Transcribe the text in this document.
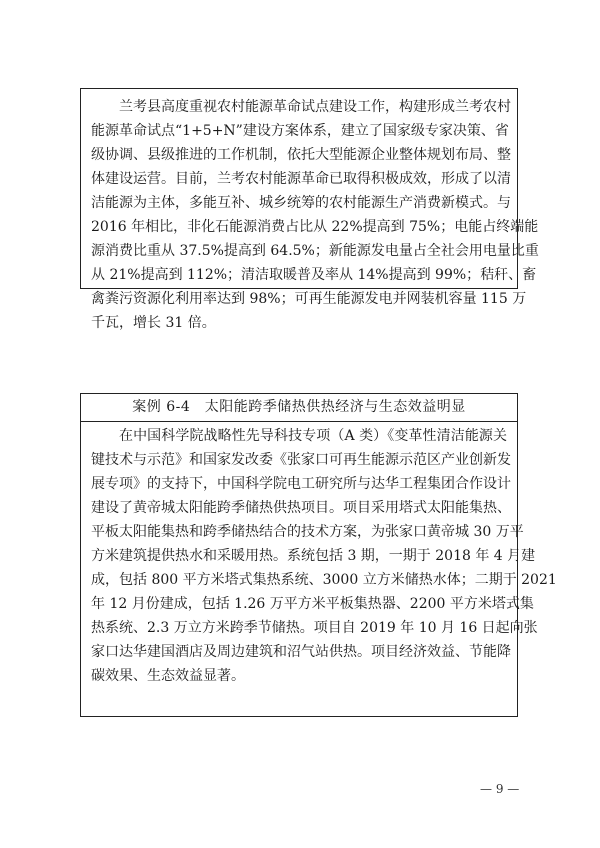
兰考县高度重视农村能源革命试点建设工作，构建形成兰考农村
能源革命试点“1+5+N”建设方案体系，建立了国家级专家决策、省
级协调、县级推进的工作机制，依托大型能源企业整体规划布局、整
体建设运营。目前，兰考农村能源革命已取得积极成效，形成了以清
洁能源为主体，多能互补、城乡统筹的农村能源生产消费新模式。与
2016 年相比，非化石能源消费占比从 22%提高到 75%；电能占终端能
源消费比重从 37.5%提高到 64.5%；新能源发电量占全社会用电量比重
从 21%提高到 112%；清洁取暖普及率从 14%提高到 99%；秸秆、畜
禽粪污资源化利用率达到 98%；可再生能源发电并网装机容量 115 万
千瓦，增长 31 倍。

案例 6-4　太阳能跨季储热供热经济与生态效益明显

在中国科学院战略性先导科技专项（A 类）《变革性清洁能源关
键技术与示范》和国家发改委《张家口可再生能源示范区产业创新发
展专项》的支持下，中国科学院电工研究所与达华工程集团合作设计
建设了黄帝城太阳能跨季储热供热项目。项目采用塔式太阳能集热、
平板太阳能集热和跨季储热结合的技术方案，为张家口黄帝城 30 万平
方米建筑提供热水和采暖用热。系统包括 3 期，一期于 2018 年 4 月建
成，包括 800 平方米塔式集热系统、3000 立方米储热水体；二期于 2021
年 12 月份建成，包括 1.26 万平方米平板集热器、2200 平方米塔式集
热系统、2.3 万立方米跨季节储热。项目自 2019 年 10 月 16 日起向张
家口达华建国酒店及周边建筑和沼气站供热。项目经济效益、节能降
碳效果、生态效益显著。

— 9 —
